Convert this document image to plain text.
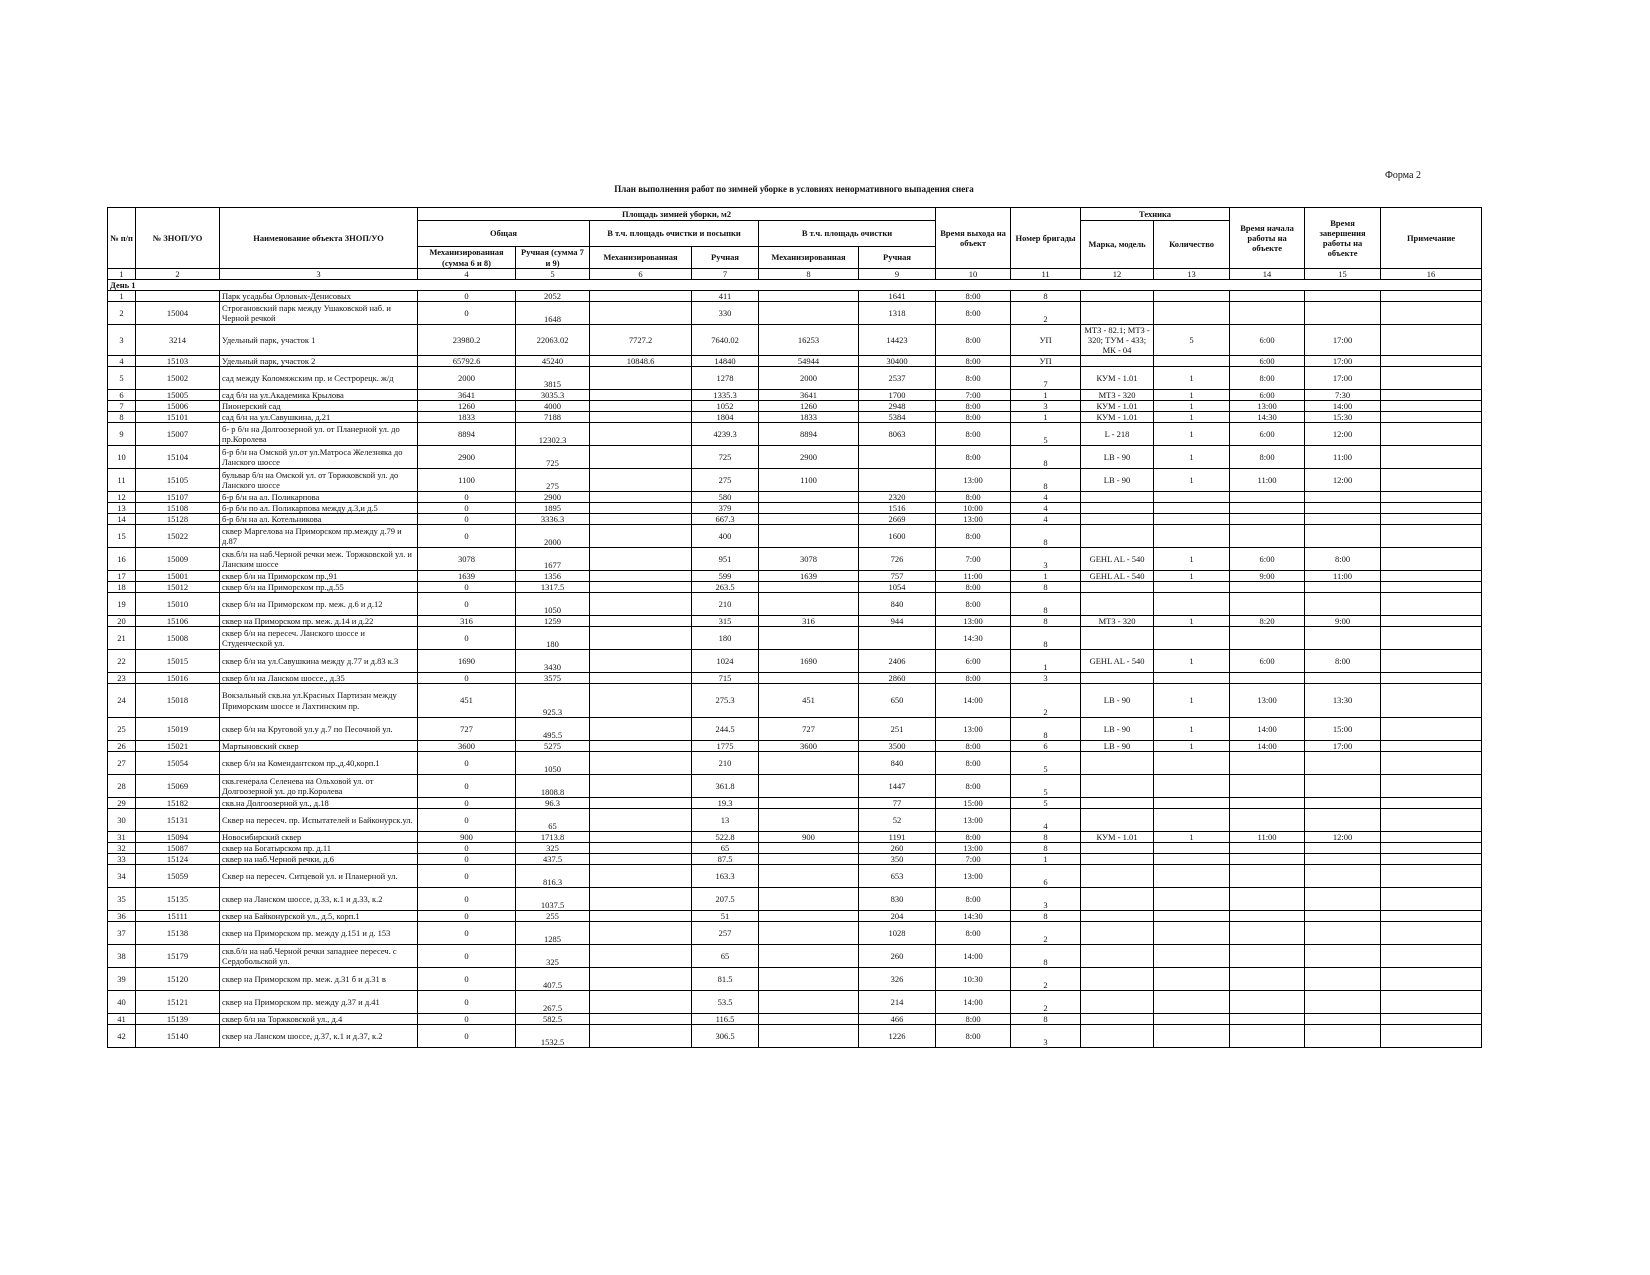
Форма 2
План выполнения работ по зимней уборке в условиях ненормативного выпадения снега
№ п/п	№ ЗНОП/УО	Наименование объекта ЗНОП/УО	Площадь зимней уборки, м2						Время выхода на объект	Номер бригады	Техника		Время начала работы на объекте	Время завершения работы на объекте	Примечание
			Общая		В т.ч. площадь очистки и посыпки		В т.ч. площадь очистки				Марка, модель	Количество			
			Механизированная (сумма 6 и 8)	Ручная (сумма 7 и 9)	Механизированная	Ручная	Механизированная	Ручная							
1	2	3	4	5	6	7	8	9	10	11	12	13	14	15	16
День 1															
1		Парк усадьбы Орловых-Денисовых	0	2052		411		1641	8:00	8					
2	15004	Строгановский парк между Ушаковской наб. и Черной речкой	0	1648		330		1318	8:00	2					
3	3214	Удельный парк, участок 1	23980.2	22063.02	7727.2	7640.02	16253	14423	8:00	УП	МТЗ - 82.1; МТЗ - 320; ТУМ - 433; МК - 04	5	6:00	17:00	
4	15103	Удельный парк, участок 2	65792.6	45240	10848.6	14840	54944	30400	8:00	УП			6:00	17:00	
5	15002	сад между Коломяжским пр. и Сестрорецк. ж/д	2000	3815		1278	2000	2537	8:00	7	КУМ - 1.01	1	8:00	17:00	
6	15005	сад б/н на ул.Академика Крылова	3641	3035.3		1335.3	3641	1700	7:00	1	МТЗ - 320	1	6:00	7:30	
7	15006	Пионерский сад	1260	4000		1052	1260	2948	8:00	3	КУМ - 1.01	1	13:00	14:00	
8	15101	сад б/н на ул.Савушкина, д.21	1833	7188		1804	1833	5384	8:00	1	КУМ - 1.01	1	14:30	15:30	
9	15007	б- р б/н на Долгоозерной ул. от Планерной ул. до пр.Королева	8894	12302.3		4239.3	8894	8063	8:00	5	L - 218	1	6:00	12:00	
10	15104	б-р б/н на Омской ул.от ул.Матроса Железняка до Ланского шоссе	2900	725		725	2900		8:00	8	LB - 90	1	8:00	11:00	
11	15105	бульвар б/н на Омской ул. от Торжковской ул. до Ланского шоссе	1100	275		275	1100		13:00	8	LB - 90	1	11:00	12:00	
12	15107	б-р б/н на ал. Поликарпова	0	2900		580		2320	8:00	4					
13	15108	б-р б/н по ал. Поликарпова между д.3,и д.5	0	1895		379		1516	10:00	4					
14	15128	б-р б/н на ал. Котельникова	0	3336.3		667.3		2669	13:00	4					
15	15022	сквер Маргелова на Приморском пр.между д.79 и д.87	0	2000		400		1600	8:00	8					
16	15009	скв.б/н на наб.Черной речки меж. Торжковской ул. и Ланским шоссе	3078	1677		951	3078	726	7:00	3	GEHL AL - 540	1	6:00	8:00	
17	15001	сквер б/н на Приморском пр.,91	1639	1356		599	1639	757	11:00	1	GEHL AL - 540	1	9:00	11:00	
18	15012	сквер б/н на Приморском пр.,д.55	0	1317.5		263.5		1054	8:00	8					
19	15010	сквер б/н на Приморском пр. меж. д.6 и д.12	0	1050		210		840	8:00	8					
20	15106	сквер на Приморском пр. меж. д.14 и д.22	316	1259		315	316	944	13:00	8	МТЗ - 320	1	8:20	9:00	
21	15008	сквер б/н на пересеч. Ланского шоссе и Студенческой ул.	0	180		180			14:30	8					
22	15015	сквер б/н на ул.Савушкина между д.77 и д.83 к.3	1690	3430		1024	1690	2406	6:00	1	GEHL AL - 540	1	6:00	8:00	
23	15016	сквер б/н на Ланском шоссе., д.35	0	3575		715		2860	8:00	3					
24	15018	Вокзальный скв.на ул.Красных Партизан между Приморским шоссе и Лахтинским пр.	451	925.3		275.3	451	650	14:00	2	LB - 90	1	13:00	13:30	
25	15019	сквер б/н на Круговой ул.у д.7 по Песочной ул.	727	495.5		244.5	727	251	13:00	8	LB - 90	1	14:00	15:00	
26	15021	Мартыновский сквер	3600	5275		1775	3600	3500	8:00	6	LB - 90	1	14:00	17:00	
27	15054	сквер б/н на Комендантском пр.,д.40,корп.1	0	1050		210		840	8:00	5					
28	15069	скв.генерала Селенева на Ольховой ул. от Долгоозерной ул. до пр.Королева	0	1808.8		361.8		1447	8:00	5					
29	15182	скв.на Долгоозерной ул., д.18	0	96.3		19.3		77	15:00	5					
30	15131	Сквер на пересеч. пр. Испытателей и Байконурск.ул.	0	65		13		52	13:00	4					
31	15094	Новосибирский сквер	900	1713.8		522.8	900	1191	8:00	8	КУМ - 1.01	1	11:00	12:00	
32	15087	сквер на Богатырском пр. д.11	0	325		65		260	13:00	8					
33	15124	сквер на наб.Черной речки, д.6	0	437.5		87.5		350	7:00	1					
34	15059	Сквер на пересеч. Ситцевой ул. и Планерной ул.	0	816.3		163.3		653	13:00	6					
35	15135	сквер на Ланском шоссе, д.33, к.1 и д.33, к.2	0	1037.5		207.5		830	8:00	3					
36	15111	сквер на Байконурской ул., д.5, корп.1	0	255		51		204	14:30	8					
37	15138	сквер на Приморском пр. между д.151 и д. 153	0	1285		257		1028	8:00	2					
38	15179	скв.б/н на наб.Черной речки западнее пересеч. с Сердобольской ул.	0	325		65		260	14:00	8					
39	15120	сквер на Приморском пр. меж. д.31 б и д.31 в	0	407.5		81.5		326	10:30	2					
40	15121	сквер на Приморском пр. между д.37 и д.41	0	267.5		53.5		214	14:00	2					
41	15139	сквер б/н на Торжковской ул., д.4	0	582.5		116.5		466	8:00	8					
42	15140	сквер на Ланском шоссе, д.37, к.1 и д.37, к.2	0	1532.5		306.5		1226	8:00	3					
